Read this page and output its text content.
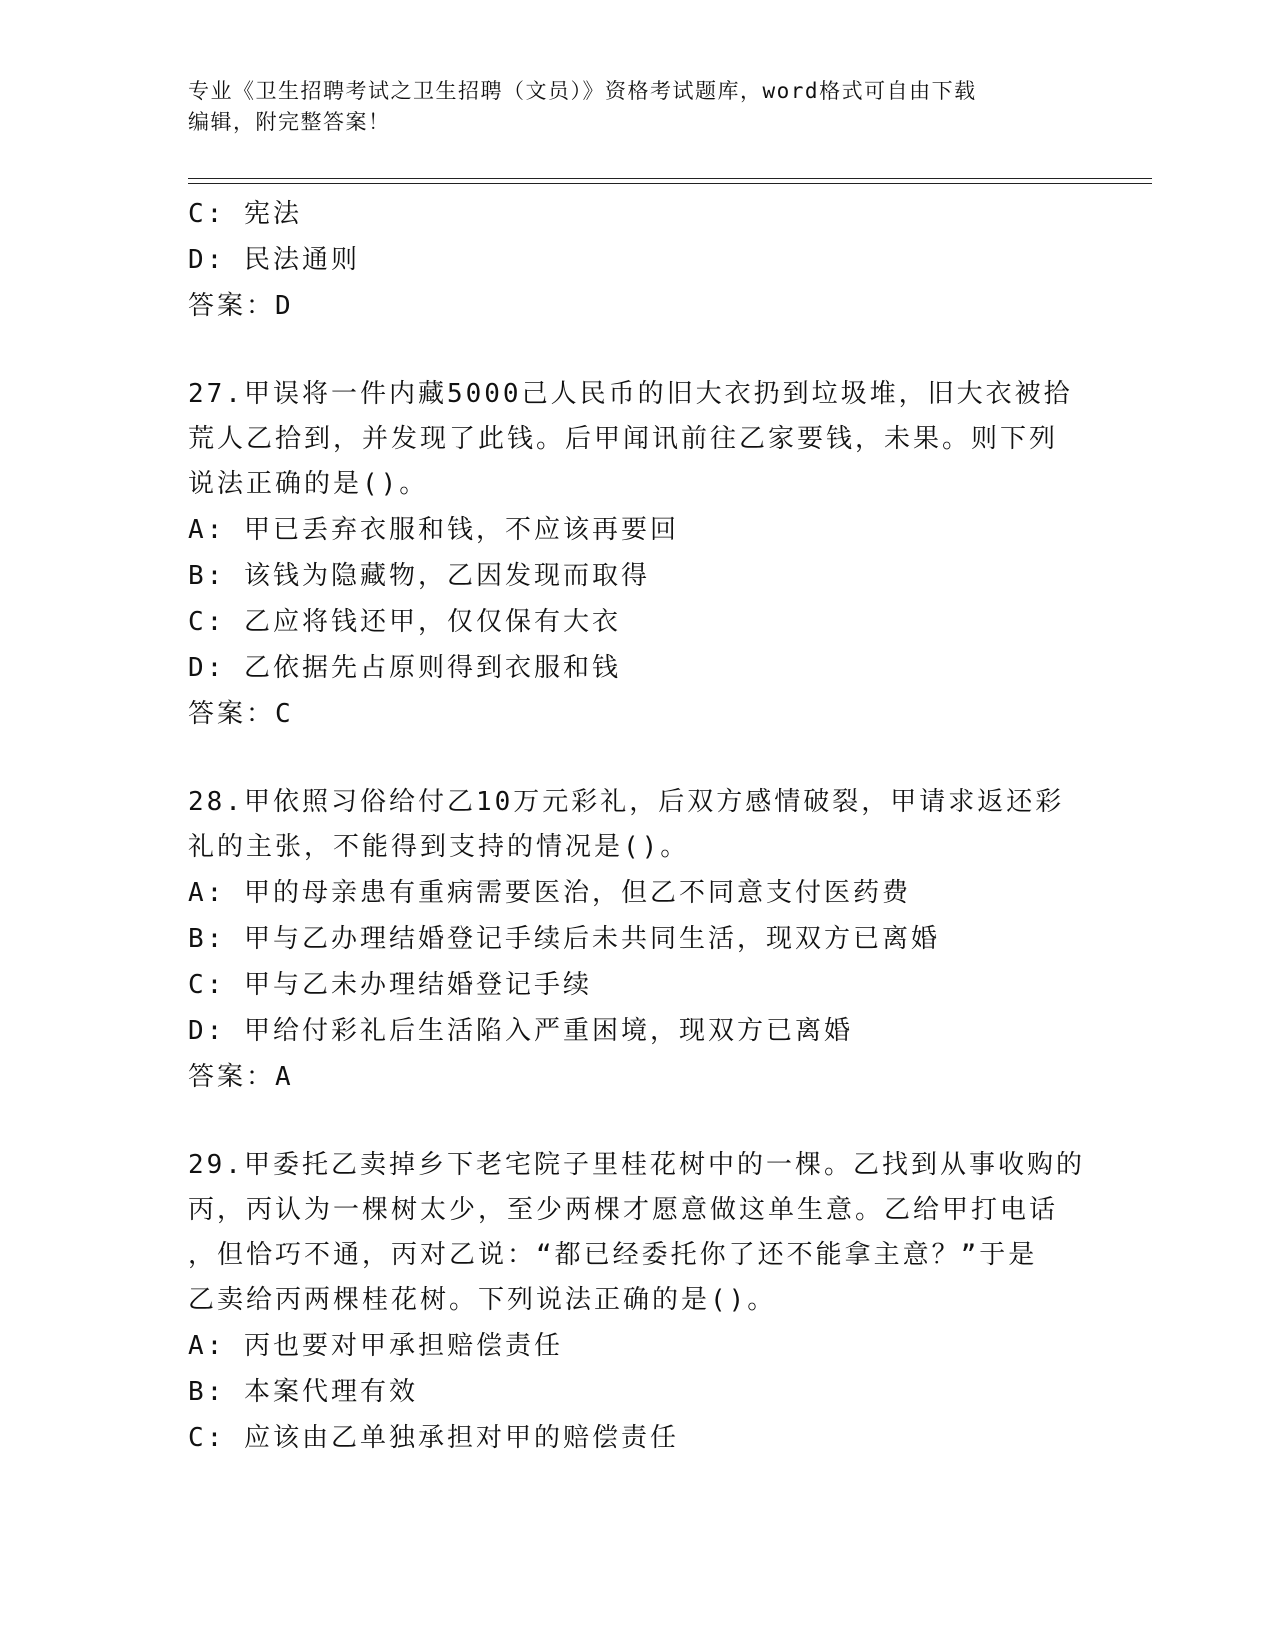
专业《卫生招聘考试之卫生招聘（文员）》资格考试题库，word格式可自由下载
编辑，附完整答案！
C: 宪法
D: 民法通则
答案：D
27.甲误将一件内藏5000己人民币的旧大衣扔到垃圾堆，旧大衣被拾
荒人乙拾到，并发现了此钱。后甲闻讯前往乙家要钱，未果。则下列
说法正确的是()。
A: 甲已丢弃衣服和钱，不应该再要回
B: 该钱为隐藏物，乙因发现而取得
C: 乙应将钱还甲，仅仅保有大衣
D: 乙依据先占原则得到衣服和钱
答案：C
28.甲依照习俗给付乙10万元彩礼，后双方感情破裂，甲请求返还彩
礼的主张，不能得到支持的情况是()。
A: 甲的母亲患有重病需要医治，但乙不同意支付医药费
B: 甲与乙办理结婚登记手续后未共同生活，现双方已离婚
C: 甲与乙未办理结婚登记手续
D: 甲给付彩礼后生活陷入严重困境，现双方已离婚
答案：A
29.甲委托乙卖掉乡下老宅院子里桂花树中的一棵。乙找到从事收购的
丙，丙认为一棵树太少，至少两棵才愿意做这单生意。乙给甲打电话
，但恰巧不通，丙对乙说：“都已经委托你了还不能拿主意？”于是
乙卖给丙两棵桂花树。下列说法正确的是()。
A: 丙也要对甲承担赔偿责任
B: 本案代理有效
C: 应该由乙单独承担对甲的赔偿责任
